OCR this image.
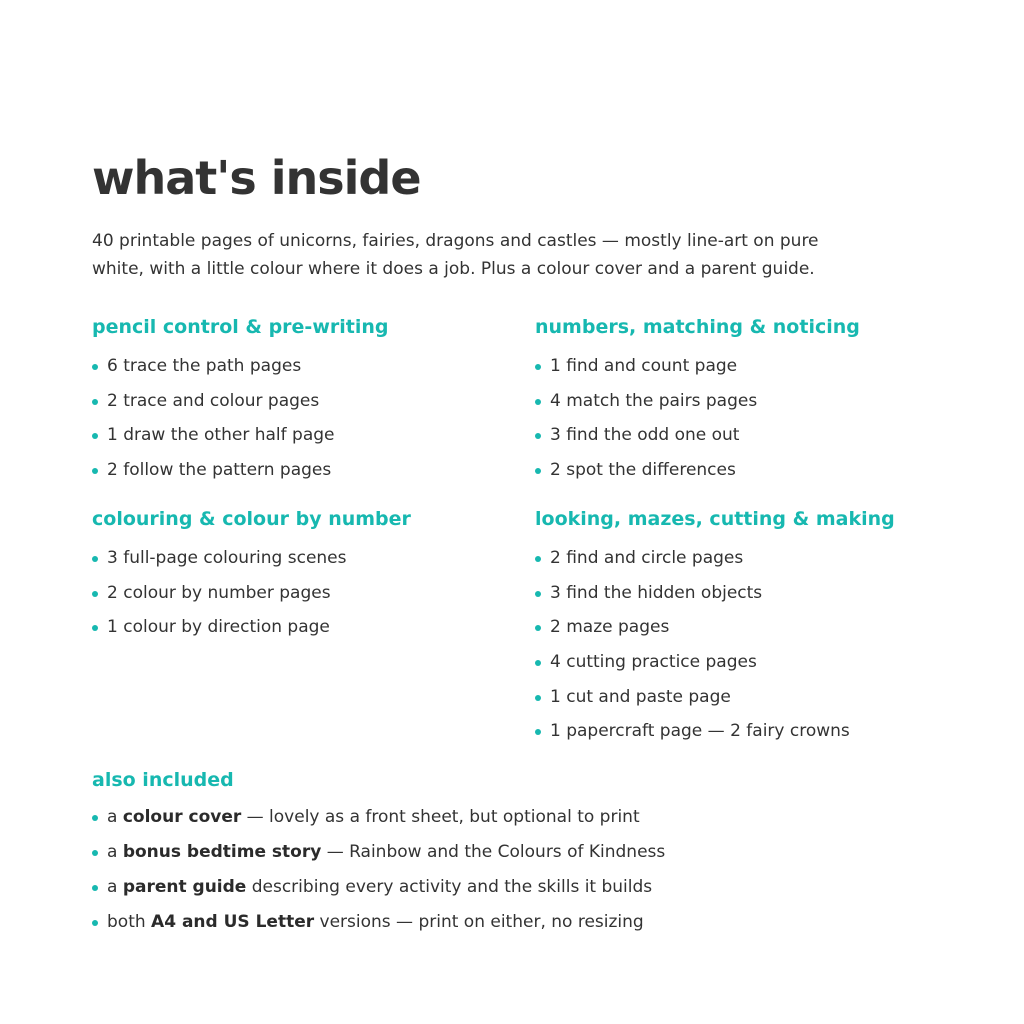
what's inside

40 printable pages of unicorns, fairies, dragons and castles — mostly line-art on pure white, with a little colour where it does a job. Plus a colour cover and a parent guide.

pencil control & pre-writing
6 trace the path pages
2 trace and colour pages
1 draw the other half page
2 follow the pattern pages
colouring & colour by number
3 full-page colouring scenes
2 colour by number pages
1 colour by direction page
numbers, matching & noticing
1 find and count page
4 match the pairs pages
3 find the odd one out
2 spot the differences
looking, mazes, cutting & making
2 find and circle pages
3 find the hidden objects
2 maze pages
4 cutting practice pages
1 cut and paste page
1 papercraft page — 2 fairy crowns
also included
a colour cover — lovely as a front sheet, but optional to print
a bonus bedtime story — Rainbow and the Colours of Kindness
a parent guide describing every activity and the skills it builds
both A4 and US Letter versions — print on either, no resizing
